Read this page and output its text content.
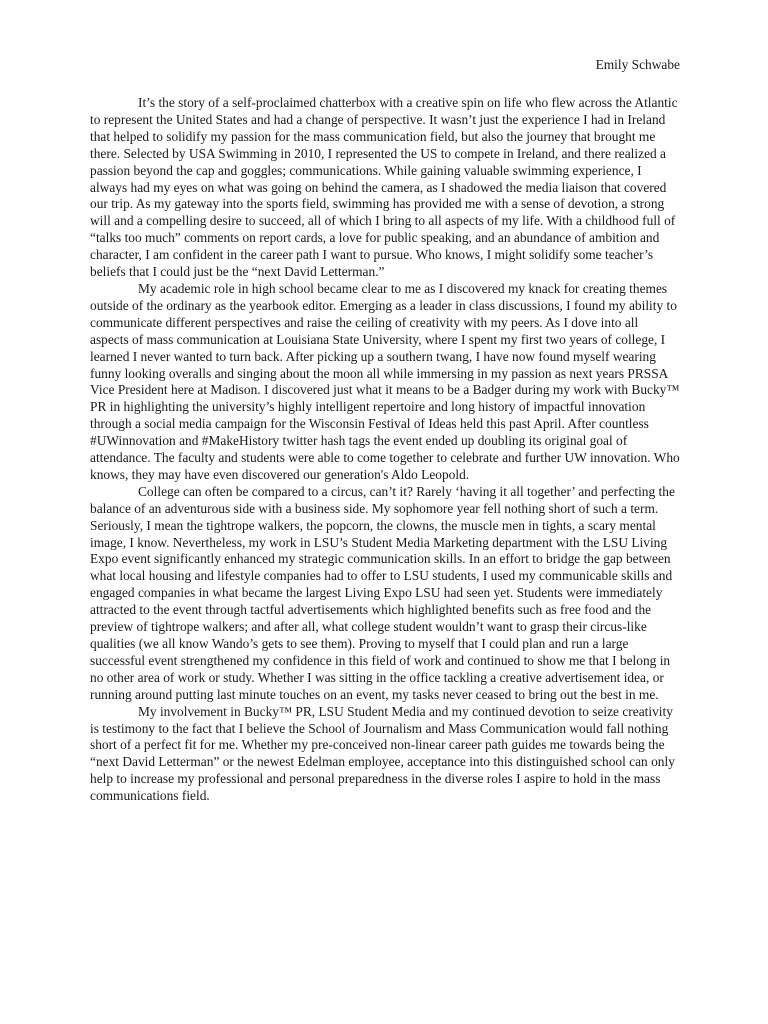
Emily Schwabe

It’s the story of a self-proclaimed chatterbox with a creative spin on life who flew across the Atlantic to represent the United States and had a change of perspective. It wasn’t just the experience I had in Ireland that helped to solidify my passion for the mass communication field, but also the journey that brought me there. Selected by USA Swimming in 2010, I represented the US to compete in Ireland, and there realized a passion beyond the cap and goggles; communications. While gaining valuable swimming experience, I always had my eyes on what was going on behind the camera, as I shadowed the media liaison that covered our trip. As my gateway into the sports field, swimming has provided me with a sense of devotion, a strong will and a compelling desire to succeed, all of which I bring to all aspects of my life. With a childhood full of “talks too much” comments on report cards, a love for public speaking, and an abundance of ambition and character, I am confident in the career path I want to pursue. Who knows, I might solidify some teacher’s beliefs that I could just be the “next David Letterman.”

My academic role in high school became clear to me as I discovered my knack for creating themes outside of the ordinary as the yearbook editor. Emerging as a leader in class discussions, I found my ability to communicate different perspectives and raise the ceiling of creativity with my peers. As I dove into all aspects of mass communication at Louisiana State University, where I spent my first two years of college, I learned I never wanted to turn back. After picking up a southern twang, I have now found myself wearing funny looking overalls and singing about the moon all while immersing in my passion as next years PRSSA Vice President here at Madison. I discovered just what it means to be a Badger during my work with Bucky™ PR in highlighting the university’s highly intelligent repertoire and long history of impactful innovation through a social media campaign for the Wisconsin Festival of Ideas held this past April. After countless #UWinnovation and #MakeHistory twitter hash tags the event ended up doubling its original goal of attendance. The faculty and students were able to come together to celebrate and further UW innovation. Who knows, they may have even discovered our generation's Aldo Leopold.

College can often be compared to a circus, can’t it? Rarely ‘having it all together’ and perfecting the balance of an adventurous side with a business side. My sophomore year fell nothing short of such a term. Seriously, I mean the tightrope walkers, the popcorn, the clowns, the muscle men in tights, a scary mental image, I know. Nevertheless, my work in LSU’s Student Media Marketing department with the LSU Living Expo event significantly enhanced my strategic communication skills. In an effort to bridge the gap between what local housing and lifestyle companies had to offer to LSU students, I used my communicable skills and engaged companies in what became the largest Living Expo LSU had seen yet. Students were immediately attracted to the event through tactful advertisements which highlighted benefits such as free food and the preview of tightrope walkers; and after all, what college student wouldn’t want to grasp their circus-like qualities (we all know Wando’s gets to see them). Proving to myself that I could plan and run a large successful event strengthened my confidence in this field of work and continued to show me that I belong in no other area of work or study. Whether I was sitting in the office tackling a creative advertisement idea, or running around putting last minute touches on an event, my tasks never ceased to bring out the best in me.

My involvement in Bucky™ PR, LSU Student Media and my continued devotion to seize creativity is testimony to the fact that I believe the School of Journalism and Mass Communication would fall nothing short of a perfect fit for me. Whether my pre-conceived non-linear career path guides me towards being the “next David Letterman” or the newest Edelman employee, acceptance into this distinguished school can only help to increase my professional and personal preparedness in the diverse roles I aspire to hold in the mass communications field.
